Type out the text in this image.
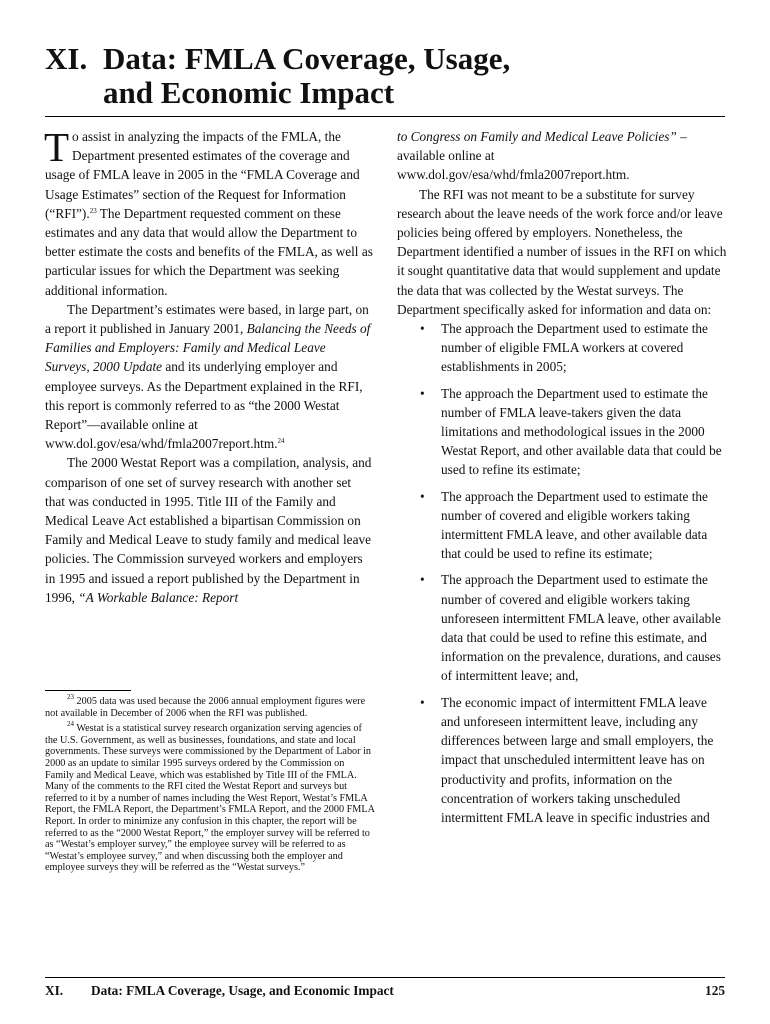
XI. Data: FMLA Coverage, Usage,
and Economic Impact

To assist in analyzing the impacts of the FMLA, the Department presented estimates of the coverage and usage of FMLA leave in 2005 in the “FMLA Coverage and Usage Estimates” section of the Request for Information (“RFI”).$^{23}$ The Department requested comment on these estimates and any data that would allow the Department to better estimate the costs and benefits of the FMLA, as well as particular issues for which the Department was seeking additional information.

The Department’s estimates were based, in large part, on a report it published in January 2001, Balancing the Needs of Families and Employers: Family and Medical Leave Surveys, 2000 Update and its underlying employer and employee surveys. As the Department explained in the RFI, this report is commonly referred to as “the 2000 Westat Report”—available online at www.dol.gov/esa/whd/fmla2007report.htm.$^{24}$

The 2000 Westat Report was a compilation, analysis, and comparison of one set of survey research with another set that was conducted in 1995. Title III of the Family and Medical Leave Act established a bipartisan Commission on Family and Medical Leave to study family and medical leave policies. The Commission surveyed workers and employers in 1995 and issued a report published by the Department in 1996, “A Workable Balance: Report

to Congress on Family and Medical Leave Policies” – available online at www.dol.gov/esa/whd/fmla2007report.htm.

The RFI was not meant to be a substitute for survey research about the leave needs of the work force and/or leave policies being offered by employers. Nonetheless, the Department identified a number of issues in the RFI on which it sought quantitative data that would supplement and update the data that was collected by the Westat surveys. The Department specifically asked for information and data on:

• The approach the Department used to estimate the number of eligible FMLA workers at covered establishments in 2005;
• The approach the Department used to estimate the number of FMLA leave-takers given the data limitations and methodological issues in the 2000 Westat Report, and other available data that could be used to refine its estimate;
• The approach the Department used to estimate the number of covered and eligible workers taking intermittent FMLA leave, and other available data that could be used to refine its estimate;
• The approach the Department used to estimate the number of covered and eligible workers taking unforeseen intermittent FMLA leave, other available data that could be used to refine this estimate, and information on the prevalence, durations, and causes of intermittent leave; and,
• The economic impact of intermittent FMLA leave and unforeseen intermittent leave, including any differences between large and small employers, the impact that unscheduled intermittent leave has on productivity and profits, information on the concentration of workers taking unscheduled intermittent FMLA leave in specific industries and

$^{23}$ 2005 data was used because the 2006 annual employment figures were not available in December of 2006 when the RFI was published.

$^{24}$ Westat is a statistical survey research organization serving agencies of the U.S. Government, as well as businesses, foundations, and state and local governments. These surveys were commissioned by the Department of Labor in 2000 as an update to similar 1995 surveys ordered by the Commission on Family and Medical Leave, which was established by Title III of the FMLA. Many of the comments to the RFI cited the Westat Report and surveys but referred to it by a number of names including the West Report, Westat’s FMLA Report, the FMLA Report, the Department’s FMLA Report, and the 2000 FMLA Report. In order to minimize any confusion in this chapter, the report will be referred to as the “2000 Westat Report,” the employer survey will be referred to as “Westat’s employer survey,” the employee survey will be referred to as “Westat’s employee survey,” and when discussing both the employer and employee surveys they will be referred as the “Westat surveys.”

XI. Data: FMLA Coverage, Usage, and Economic Impact	125
